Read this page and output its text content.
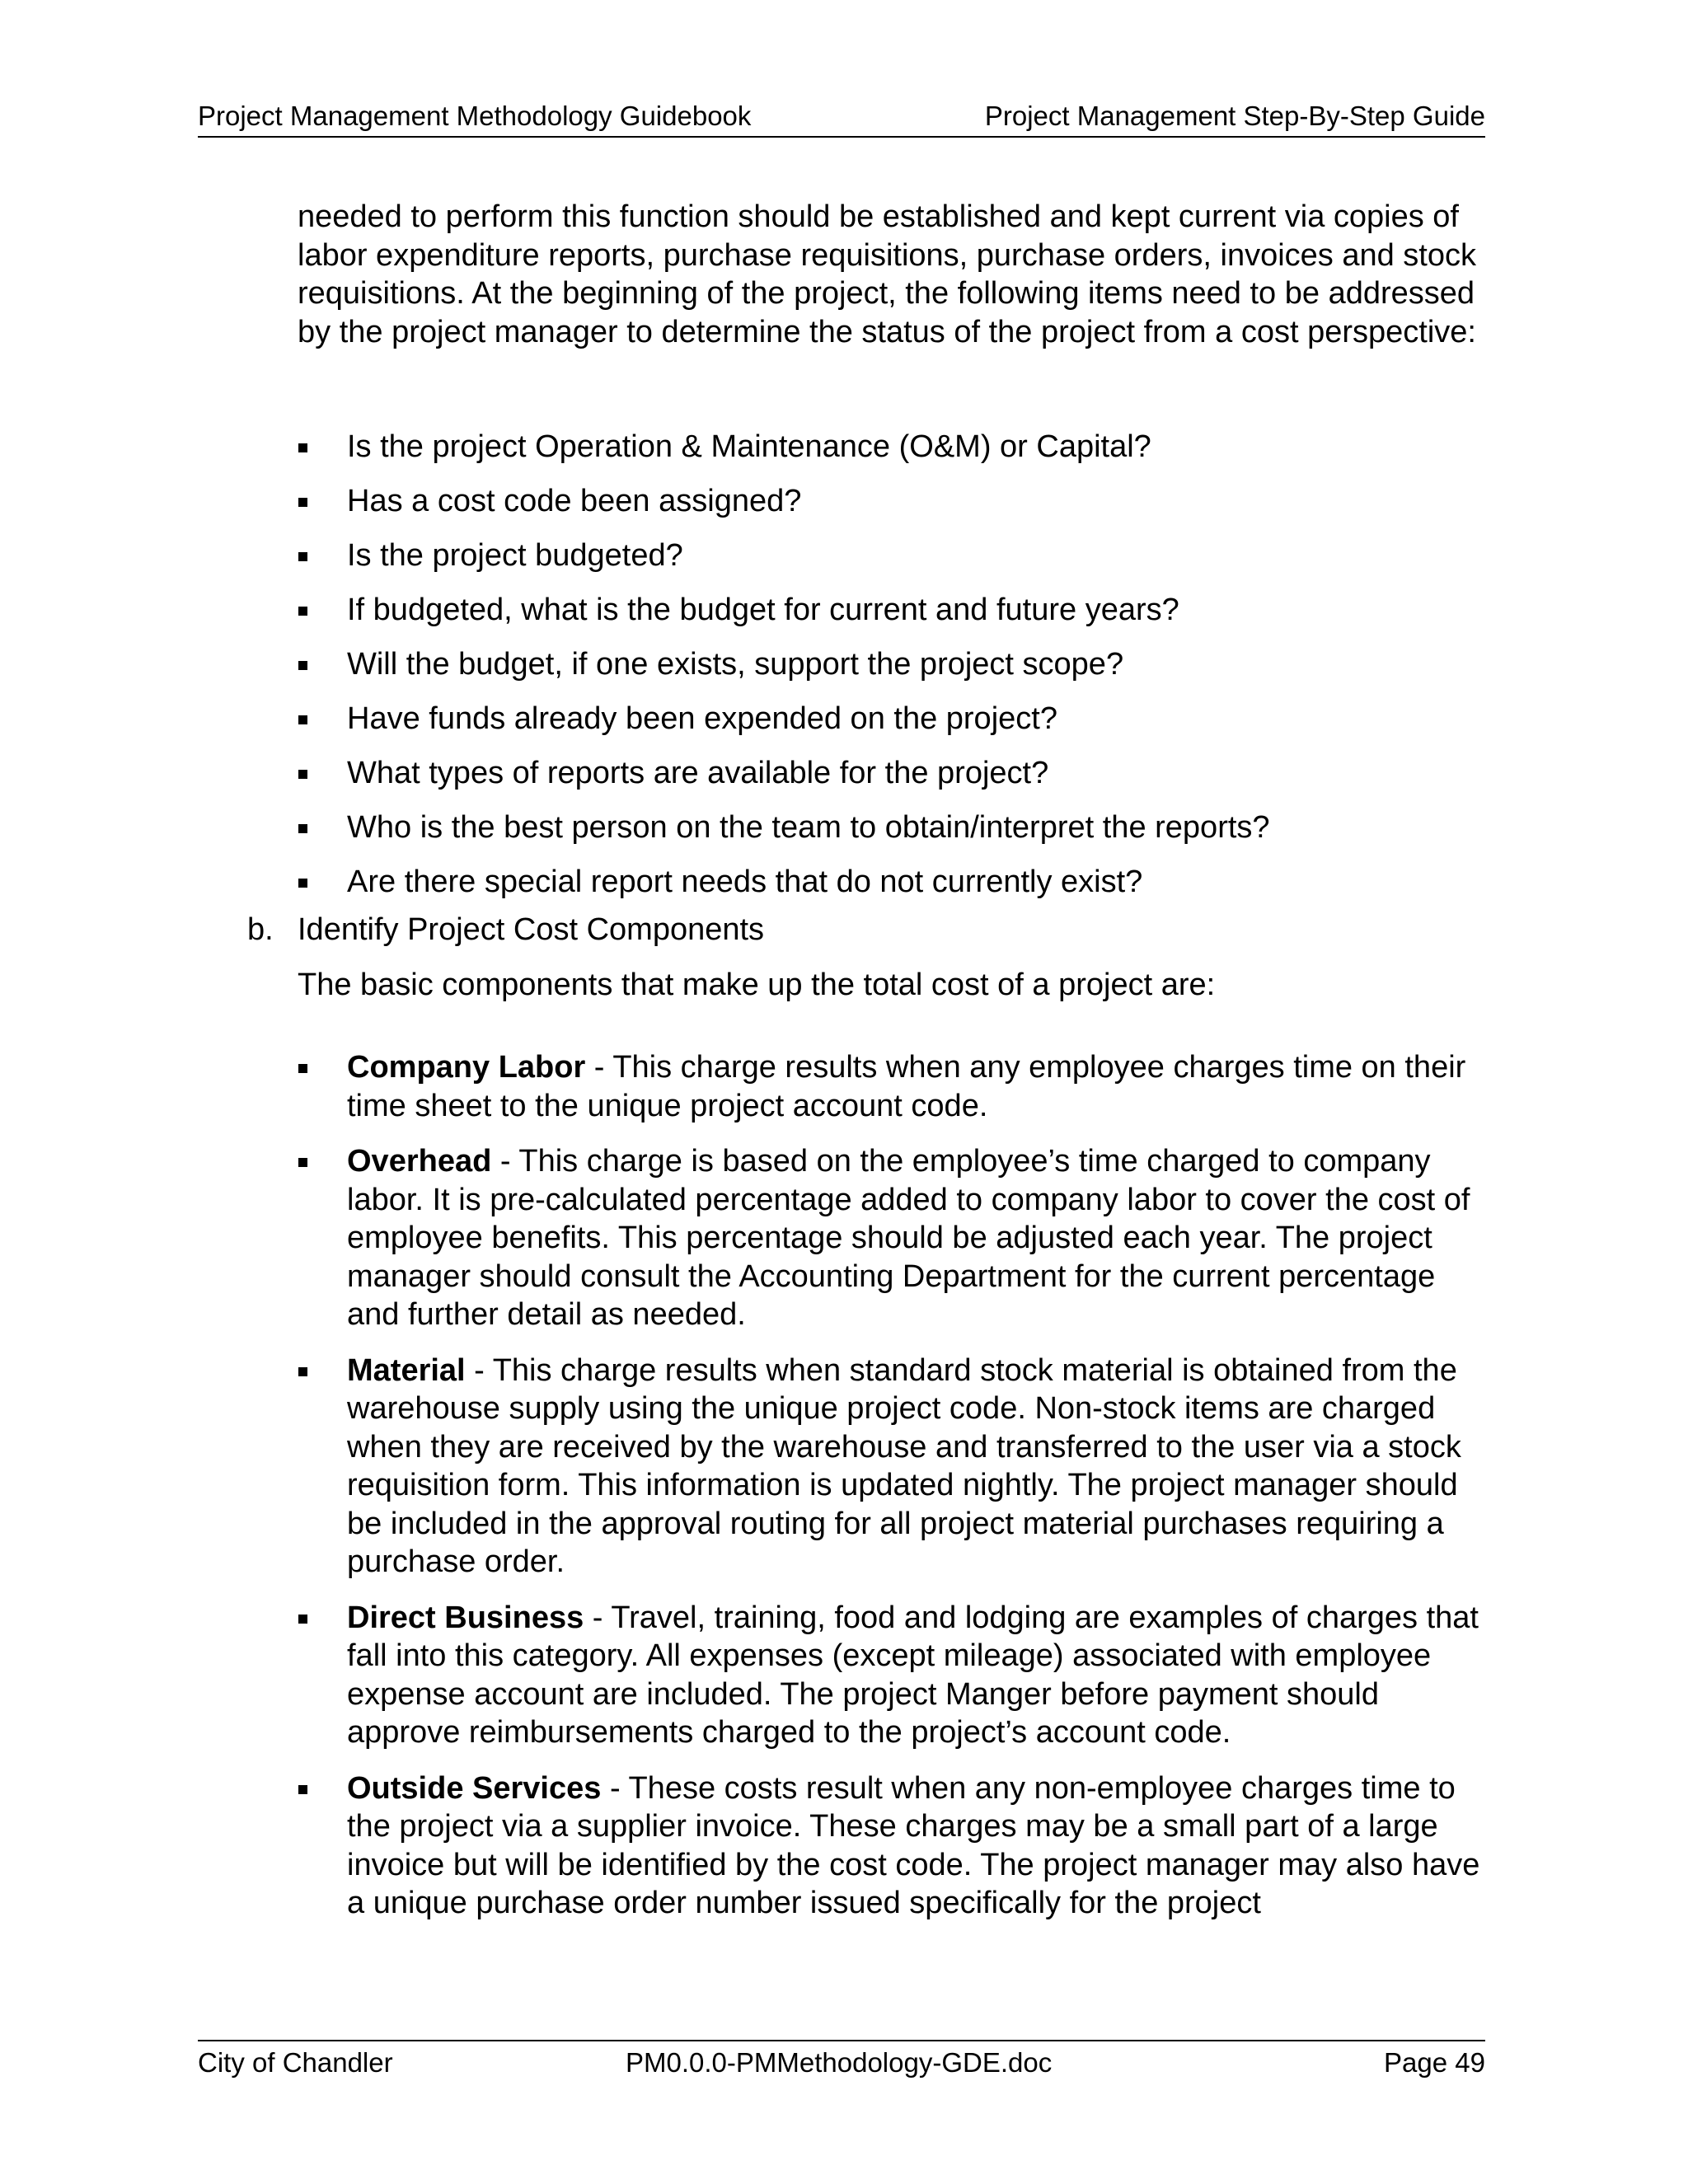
Project Management Methodology Guidebook	Project Management Step-By-Step Guide
needed to perform this function should be established and kept current via copies of labor expenditure reports, purchase requisitions, purchase orders, invoices and stock requisitions. At the beginning of the project, the following items need to be addressed by the project manager to determine the status of the project from a cost perspective:
Is the project Operation & Maintenance (O&M) or Capital?
Has a cost code been assigned?
Is the project budgeted?
If budgeted, what is the budget for current and future years?
Will the budget, if one exists, support the project scope?
Have funds already been expended on the project?
What types of reports are available for the project?
Who is the best person on the team to obtain/interpret the reports?
Are there special report needs that do not currently exist?
b. Identify Project Cost Components
The basic components that make up the total cost of a project are:
Company Labor - This charge results when any employee charges time on their time sheet to the unique project account code.
Overhead - This charge is based on the employee’s time charged to company labor. It is pre-calculated percentage added to company labor to cover the cost of employee benefits. This percentage should be adjusted each year. The project manager should consult the Accounting Department for the current percentage and further detail as needed.
Material - This charge results when standard stock material is obtained from the warehouse supply using the unique project code. Non-stock items are charged when they are received by the warehouse and transferred to the user via a stock requisition form. This information is updated nightly. The project manager should be included in the approval routing for all project material purchases requiring a purchase order.
Direct Business - Travel, training, food and lodging are examples of charges that fall into this category. All expenses (except mileage) associated with employee expense account are included. The project Manger before payment should approve reimbursements charged to the project’s account code.
Outside Services - These costs result when any non-employee charges time to the project via a supplier invoice. These charges may be a small part of a large invoice but will be identified by the cost code. The project manager may also have a unique purchase order number issued specifically for the project
City of Chandler	PM0.0.0-PMMethodology-GDE.doc	Page 49
